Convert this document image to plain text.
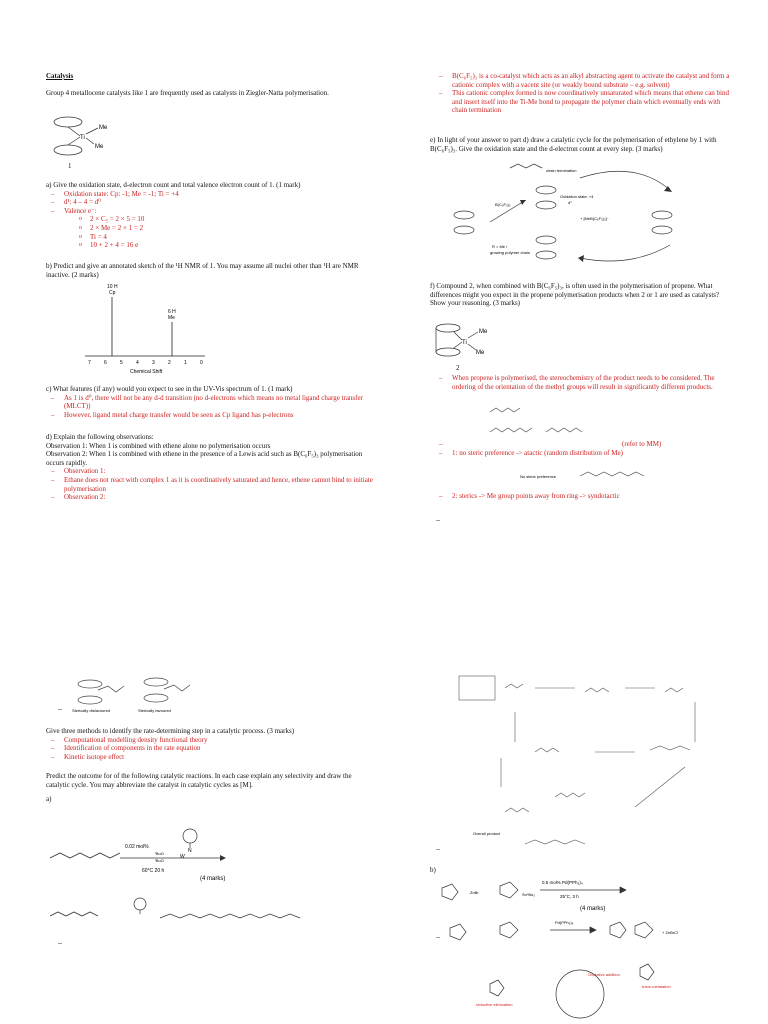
Catalysis

Group 4 metallocene catalysts like 1 are frequently used as catalysts in Ziegler-Natta polymerisation.

Ti
Me
Me
1

a) Give the oxidation state, d-electron count and total valence electron count of 1. (1 mark)

– Oxidation state: Cp: -1; Me = -1; Ti = +4
– d¹: 4 – 4 = d⁰
– Valence e⁻:
o 2 × C₅ = 2 × 5 = 10
o 2 × Me = 2 × 1 = 2
o Ti = 4
o 10 + 2 + 4 = 16 e

b) Predict and give an annotated sketch of the ¹H NMR of 1. You may assume all nuclei other than ¹H are NMR inactive. (2 marks)

10 H
Cp
6 H
Me
7	6	5	4	3	2	1	0
Chemical Shift

c) What features (if any) would you expect to see in the UV-Vis spectrum of 1. (1 mark)

– As 1 is d⁰, there will not be any d-d transition (no d-electrons which means no metal ligand charge transfer (MLCT))
– However, ligand metal charge transfer would be seen as Cp ligand has p-electrons

d) Explain the following observations:

Observation 1: When 1 is combined with ethene alone no polymerisation occurs

Observation 2: When 1 is combined with ethene in the presence of a Lewis acid such as B(C₆F₅)₃ polymerisation occurs rapidly.

– Observation 1:
– Ethane does not react with complex 1 as it is coordinatively saturated and hence, ethene cannot bind to initiate polymerisation
– Observation 2:
Sterically disfavoured	Sterically favoured
–

Give three methods to identify the rate-determining step in a catalytic process. (3 marks)

– Computational modelling density functional theory
– Identification of components in the rate equation
– Kinetic isotope effect

Predict the outcome for of the following catalytic reactions. In each case explain any selectivity and draw the catalytic cycle. You may abbreviate the catalyst in catalytic cycles as [M].

a)

0.02 mol%
60°C 20 h
N
W
ᵗBuO
ᵗBuO
(4 marks)
–
– B(C₆F₅)₃ is a co-catalyst which acts as an alkyl abstracting agent to activate the catalyst and form a cationic complex with a vacent site (or weakly bound substrate – e.g. solvent)
– This cationic complex formed is now coordinatively unsaturated which means that ethene can bind and insert itself into the Ti-Me bond to propagate the polymer chain which eventually ends with chain termination

e) In light of your answer to part d) draw a catalytic cycle for the polymerisation of ethylene by 1 with B(C₆F₅)₃. Give the oxidation state and the d-electron count at every step. (3 marks)

B(C₆F₅)₃
+ [MeB(C₆F₅)₃]⁻
R = Me /
growing polymer chain
chain termination
Oxidation state: +4
d⁰

f) Compound 2, when combined with B(C₆F₅)₃, is often used in the polymerisation of propene. What differences might you expect in the propene polymerisation products when 2 or 1 are used as catalysts? Show your reasoning. (3 marks)

Ti
Me
Me
2
– When propene is polymerised, the stereochemistry of the product needs to be considered. The ordering of the orientation of the methyl groups will result in significantly different products.
No steric preference
– (refer to MM)
– 1: no steric preference -> atactic (random distribution of Me)
– 2: sterics -> Me group points away from ring -> syndotactic
–
Overall product
–

b)

0.5 mol% Pd(PPh₃)₄
25°C, 3 h
(4 marks)
ZnBr	SnⁿBu₃
Pd(PPh₃)₄
+ ZnBrCl
Oxidative addition
reductive elimination
trans-metalation
–
